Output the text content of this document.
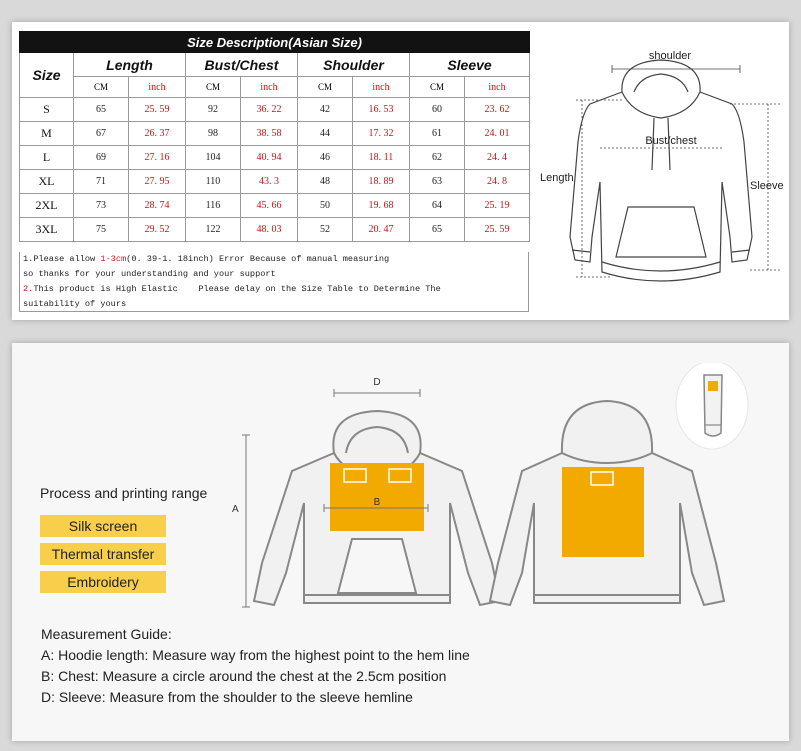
Size Description(Asian Size)								
Size	Length		Bust/Chest		Shoulder		Sleeve	
	CM	inch	CM	inch	CM	inch	CM	inch
S	65	25. 59	92	36. 22	42	16. 53	60	23. 62
M	67	26. 37	98	38. 58	44	17. 32	61	24. 01
L	69	27. 16	104	40. 94	46	18. 11	62	24. 4
XL	71	27. 95	110	43. 3	48	18. 89	63	24. 8
2XL	73	28. 74	116	45. 66	50	19. 68	64	25. 19
3XL	75	29. 52	122	48. 03	52	20. 47	65	25. 59
1.Please allow 1-3cm(0. 39-1. 18inch) Error Because of manual measuring
so thanks for your understanding and your support
2.This product is High Elastic    Please delay on the Size Table to Determine The
suitability of yours
shoulder
Bust/chest
Length
Sleeve
Process and printing range
Silk screen
Thermal transfer
Embroidery
D
A
B
Measurement Guide:
A: Hoodie length: Measure way from the highest point to the hem line
B: Chest: Measure a circle around the chest at the 2.5cm position
D: Sleeve: Measure from the shoulder to the sleeve hemline
